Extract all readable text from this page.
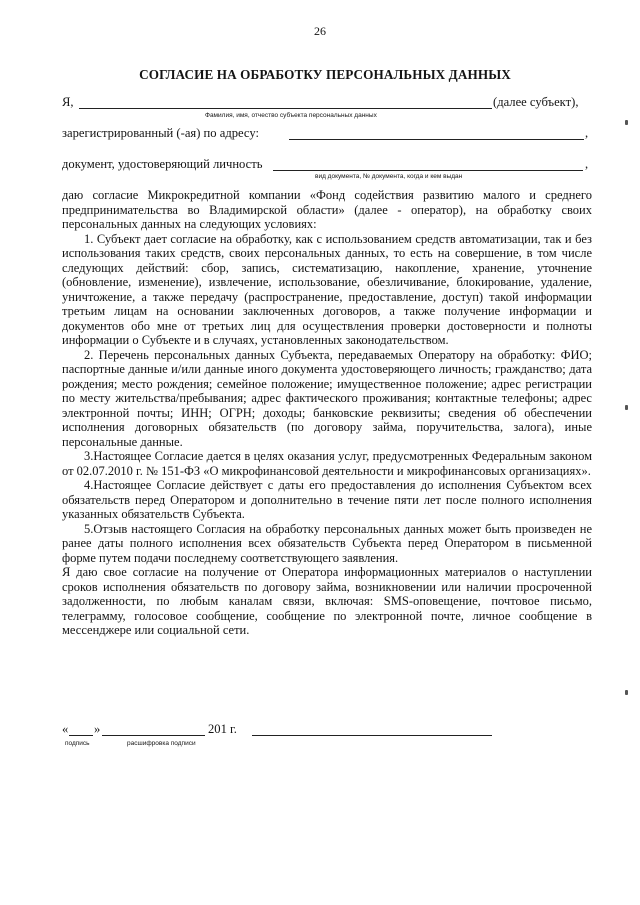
26
СОГЛАСИЕ НА ОБРАБОТКУ ПЕРСОНАЛЬНЫХ ДАННЫХ
Я,	(далее субъект),
Фамилия, имя, отчество субъекта персональных данных
зарегистрированный (-ая) по адресу:	,
документ, удостоверяющий личность	,
вид документа, № документа, когда и кем выдан

даю согласие Микрокредитной компании «Фонд содействия развитию малого и среднего предпринимательства во Владимирской области» (далее - оператор), на обработку своих персональных данных на следующих условиях:

1. Субъект дает согласие на обработку, как с использованием средств автоматизации, так и без использования таких средств, своих персональных данных, то есть на совершение, в том числе следующих действий: сбор, запись, систематизацию, накопление, хранение, уточнение (обновление, изменение), извлечение, использование, обезличивание, блокирование, удаление, уничтожение, а также передачу (распространение, предоставление, доступ) такой информации третьим лицам на основании заключенных договоров, а также получение информации и документов обо мне от третьих лиц для осуществления проверки достоверности и полноты информации о Субъекте и в случаях, установленных законодательством.

2. Перечень персональных данных Субъекта, передаваемых Оператору на обработку: ФИО; паспортные данные и/или данные иного документа удостоверяющего личность; гражданство; дата рождения; место рождения; семейное положение; имущественное положение; адрес регистрации по месту жительства/пребывания; адрес фактического проживания; контактные телефоны; адрес электронной почты; ИНН; ОГРН; доходы; банковские реквизиты; сведения об обеспечении исполнения договорных обязательств (по договору займа, поручительства, залога), иные персональные данные.

3.Настоящее Согласие дается в целях оказания услуг, предусмотренных Федеральным законом от 02.07.2010 г. № 151-ФЗ «О микрофинансовой деятельности и микрофинансовых организациях».

4.Настоящее Согласие действует с даты его предоставления до исполнения Субъектом всех обязательств перед Оператором и дополнительно в течение пяти лет после полного исполнения указанных обязательств Субъекта.

5.Отзыв настоящего Согласия на обработку персональных данных может быть произведен не ранее даты полного исполнения всех обязательств Субъекта перед Оператором в письменной форме путем подачи последнему соответствующего заявления.

Я даю свое согласие на получение от Оператора информационных материалов о наступлении сроков исполнения обязательств по договору займа, возникновении или наличии просроченной задолженности, по любым каналам связи, включая: SMS-оповещение, почтовое письмо, телеграмму, голосовое сообщение, сообщение по электронной почте, личное сообщение в мессенджере или социальной сети.

« »	201 г.
подпись	расшифровка подписи
